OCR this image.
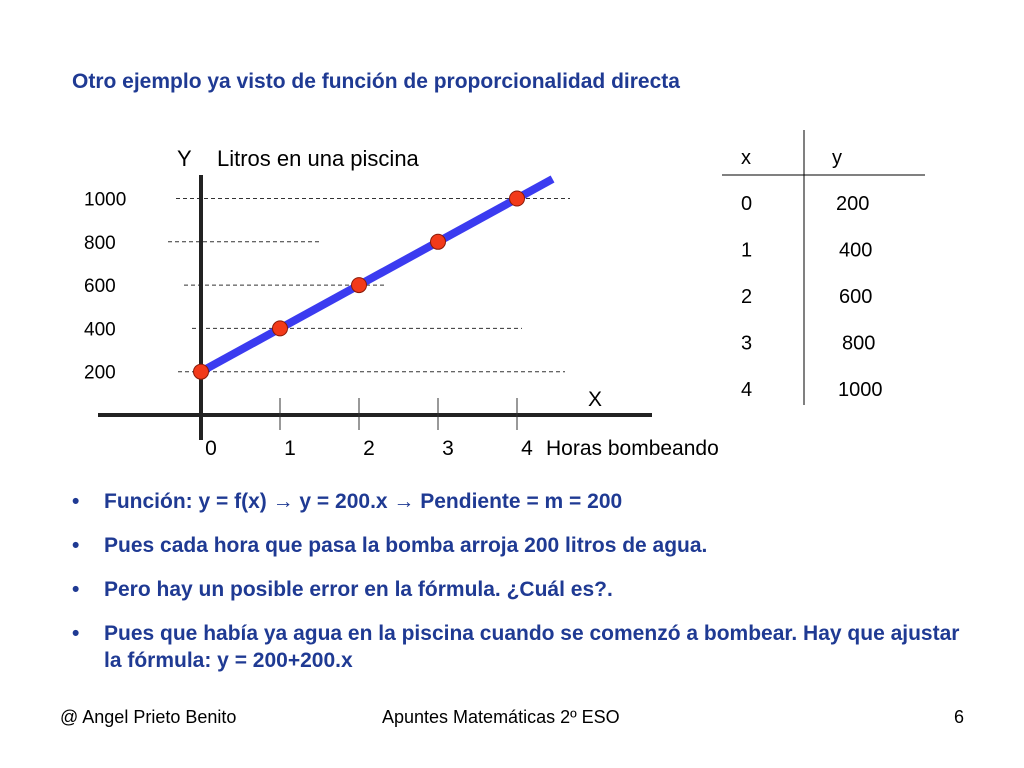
Otro ejemplo ya visto de función de proporcionalidad directa
1000
800
600
400
200
0	1	2	3	4
Y Litros en una piscina
X
Horas bombeando
x	y
0	200
1	400
2	600
3	800
4	1000
• Función: y = f(x) → y = 200.x → Pendiente = m = 200
• Pues cada hora que pasa la bomba arroja 200 litros de agua.
• Pero hay un posible error en la fórmula. ¿Cuál es?.
• Pues que había ya agua en la piscina cuando se comenzó a bombear. Hay que ajustar la fórmula: y = 200+200.x
@ Angel Prieto Benito	Apuntes Matemáticas 2º ESO	6
